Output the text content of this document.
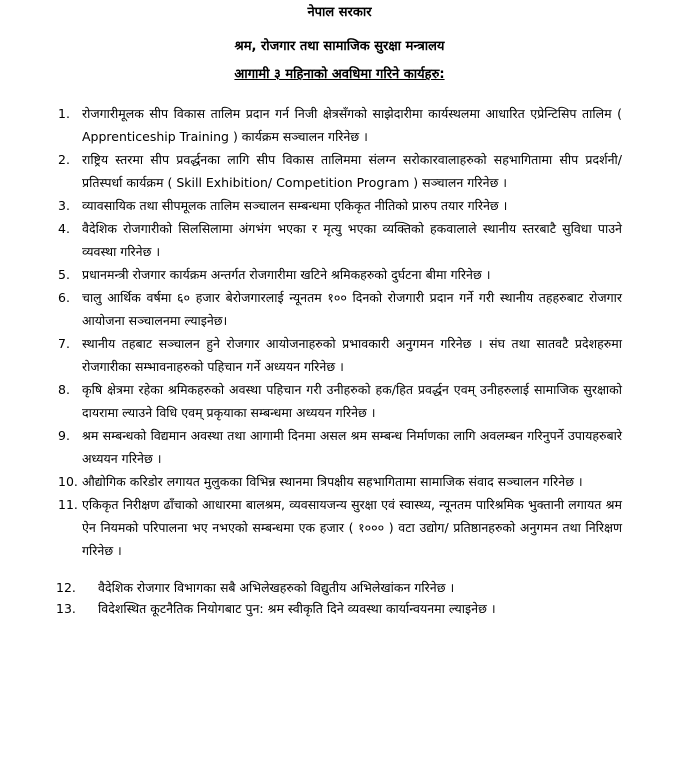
नेपाल सरकार
श्रम, रोजगार तथा सामाजिक सुरक्षा मन्त्रालय
आगामी ३ महिनाको अवधिमा गरिने कार्यहरु:
1. रोजगारीमूलक सीप विकास तालिम प्रदान गर्न निजी क्षेत्रसँगको साझेदारीमा कार्यस्थलमा आधारित एप्रेन्टिसिप तालिम ( Apprenticeship Training ) कार्यक्रम सञ्चालन गरिनेछ ।
2. राष्ट्रिय स्तरमा सीप प्रवर्द्धनका लागि सीप विकास तालिममा संलग्न सरोकारवालाहरुको सहभागितामा सीप प्रदर्शनी/ प्रतिस्पर्धा कार्यक्रम ( Skill Exhibition/ Competition Program ) सञ्चालन गरिनेछ ।
3. व्यावसायिक तथा सीपमूलक तालिम सञ्चालन सम्बन्धमा एकिकृत नीतिको प्रारुप तयार गरिनेछ ।
4. वैदेशिक रोजगारीको सिलसिलामा अंगभंग भएका र मृत्यु भएका व्यक्तिको हकवालाले स्थानीय स्तरबाटै सुविधा पाउने व्यवस्था गरिनेछ ।
5. प्रधानमन्त्री रोजगार कार्यक्रम अन्तर्गत रोजगारीमा खटिने श्रमिकहरुको दुर्घटना बीमा गरिनेछ ।
6. चालु आर्थिक वर्षमा ६० हजार बेरोजगारलाई न्यूनतम १०० दिनको रोजगारी प्रदान गर्ने गरी स्थानीय तहहरुबाट रोजगार आयोजना सञ्चालनमा ल्याइनेछ।
7. स्थानीय तहबाट सञ्चालन हुने रोजगार आयोजनाहरुको प्रभावकारी अनुगमन गरिनेछ । संघ तथा सातवटै प्रदेशहरुमा रोजगारीका सम्भावनाहरुको पहिचान गर्ने अध्ययन गरिनेछ ।
8. कृषि क्षेत्रमा रहेका श्रमिकहरुको अवस्था पहिचान गरी उनीहरुको हक/हित प्रवर्द्धन एवम् उनीहरुलाई सामाजिक सुरक्षाको दायरामा ल्याउने विधि एवम् प्रकृयाका सम्बन्धमा अध्ययन गरिनेछ ।
9. श्रम सम्बन्धको विद्यमान अवस्था तथा आगामी दिनमा असल श्रम सम्बन्ध निर्माणका लागि अवलम्बन गरिनुपर्ने उपायहरुबारे अध्ययन गरिनेछ ।
10. औद्योगिक करिडोर लगायत मुलुकका विभिन्न स्थानमा त्रिपक्षीय सहभागितामा सामाजिक संवाद सञ्चालन गरिनेछ ।
11. एकिकृत निरीक्षण ढाँचाको आधारमा बालश्रम, व्यवसायजन्य सुरक्षा एवं स्वास्थ्य, न्यूनतम पारिश्रमिक भुक्तानी लगायत श्रम ऐन नियमको परिपालना भए नभएको सम्बन्धमा एक हजार ( १००० ) वटा उद्योग/ प्रतिष्ठानहरुको अनुगमन तथा निरिक्षण गरिनेछ ।
12. वैदेशिक रोजगार विभागका सबै अभिलेखहरुको विद्युतीय अभिलेखांकन गरिनेछ ।
13. विदेशस्थित कूटनैतिक नियोगबाट पुन: श्रम स्वीकृति दिने व्यवस्था कार्यान्वयनमा ल्याइनेछ ।
